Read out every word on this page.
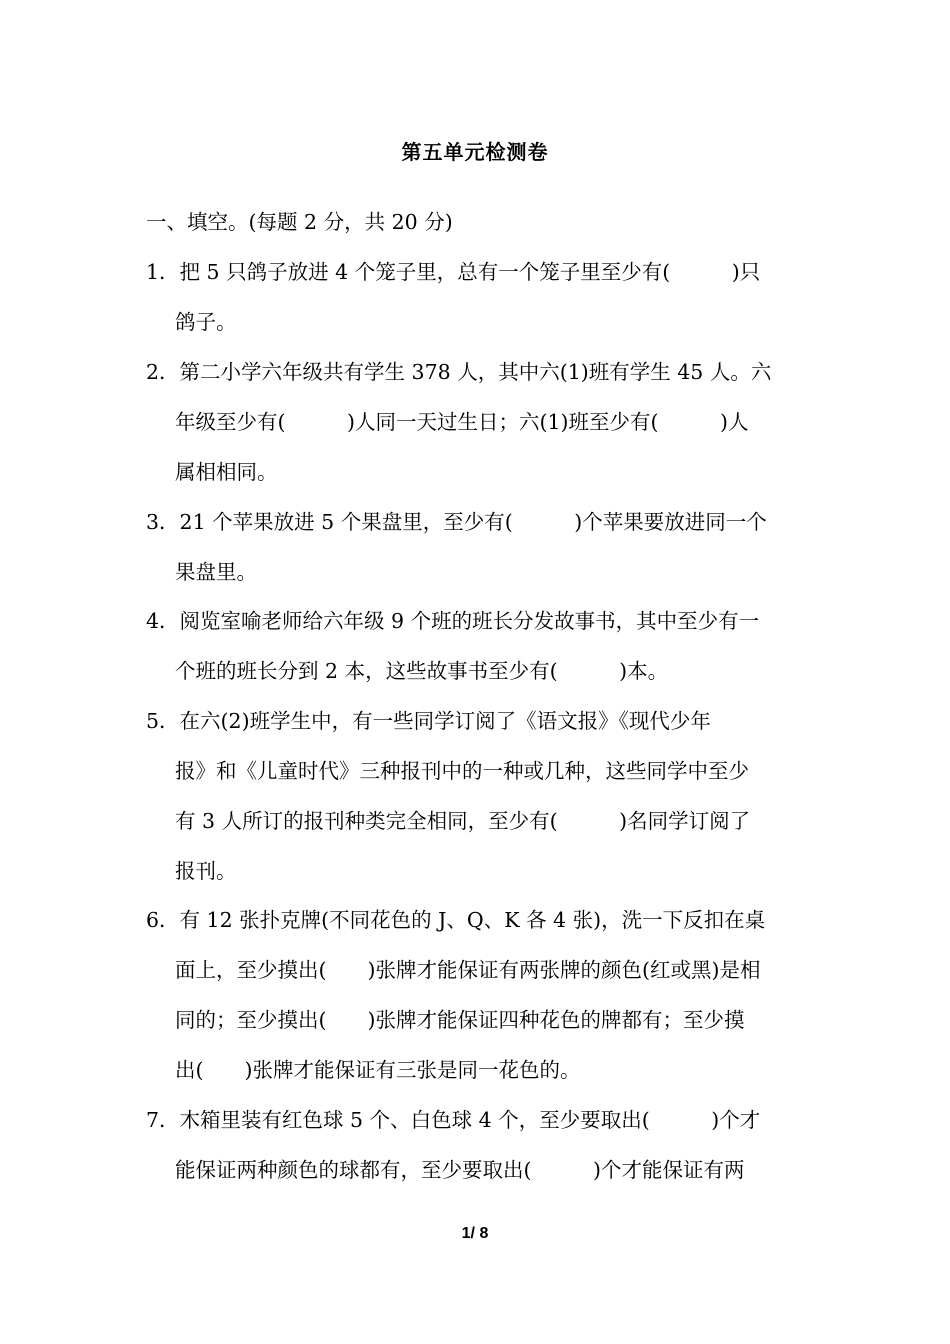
第五单元检测卷
一、填空。(每题 2 分，共 20 分)
1．把 5 只鸽子放进 4 个笼子里，总有一个笼子里至少有(　　　)只
鸽子。
2．第二小学六年级共有学生 378 人，其中六(1)班有学生 45 人。六
年级至少有(　　　)人同一天过生日；六(1)班至少有(　　　)人
属相相同。
3．21 个苹果放进 5 个果盘里，至少有(　　　)个苹果要放进同一个
果盘里。
4．阅览室喻老师给六年级 9 个班的班长分发故事书，其中至少有一
个班的班长分到 2 本，这些故事书至少有(　　　)本。
5．在六(2)班学生中，有一些同学订阅了《语文报》《现代少年
报》和《儿童时代》三种报刊中的一种或几种，这些同学中至少
有 3 人所订的报刊种类完全相同，至少有(　　　)名同学订阅了
报刊。
6．有 12 张扑克牌(不同花色的 J、Q、K 各 4 张)，洗一下反扣在桌
面上，至少摸出(　　)张牌才能保证有两张牌的颜色(红或黑)是相
同的；至少摸出(　　)张牌才能保证四种花色的牌都有；至少摸
出(　　)张牌才能保证有三张是同一花色的。
7．木箱里装有红色球 5 个、白色球 4 个，至少要取出(　　　)个才
能保证两种颜色的球都有，至少要取出(　　　)个才能保证有两
1/ 8
